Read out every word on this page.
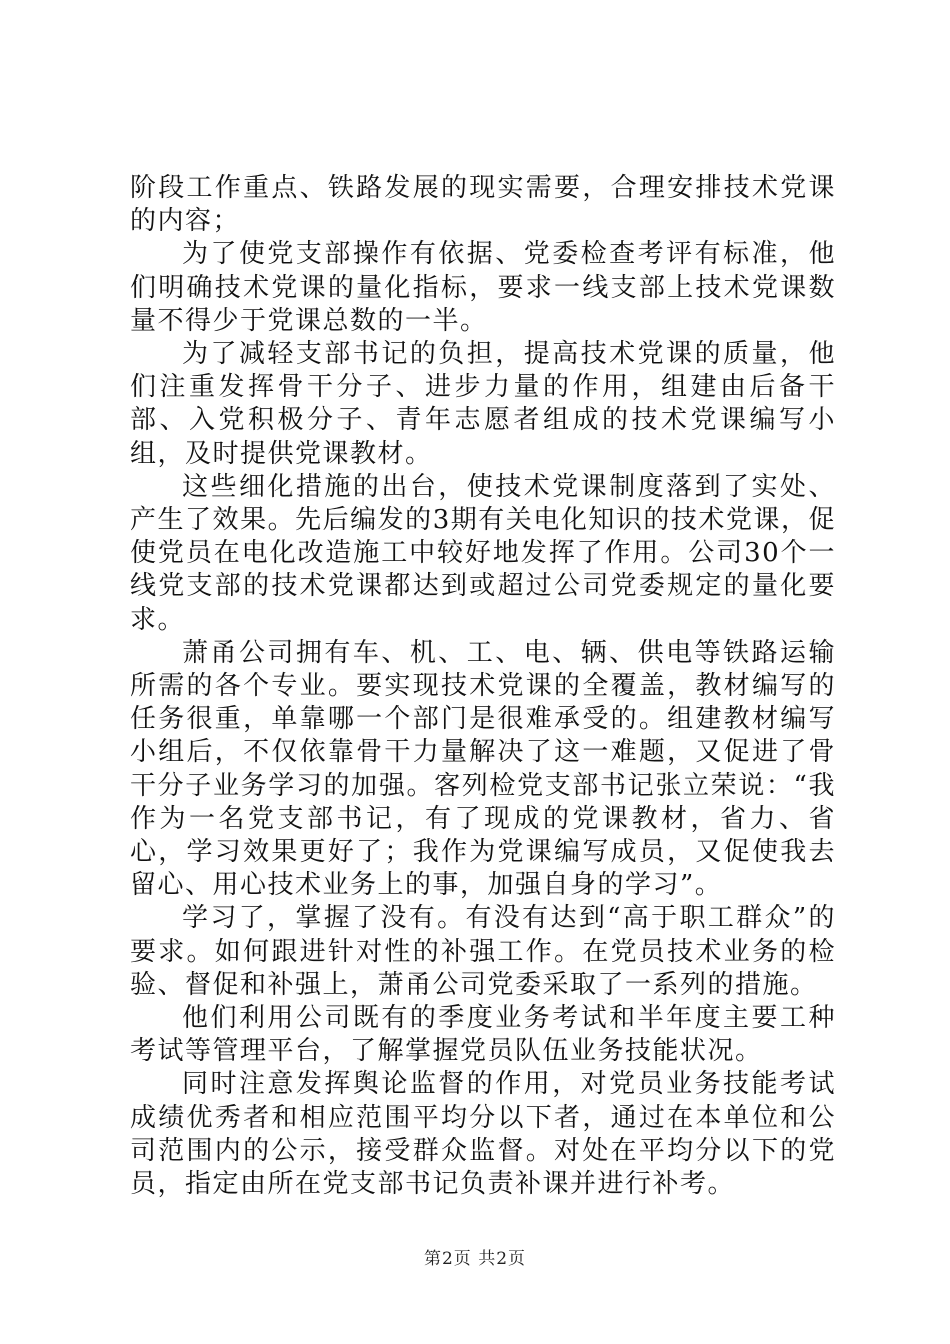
阶段工作重点、铁路发展的现实需要，合理安排技术党课的内容；

为了使党支部操作有依据、党委检查考评有标准，他们明确技术党课的量化指标，要求一线支部上技术党课数量不得少于党课总数的一半。

为了减轻支部书记的负担，提高技术党课的质量，他们注重发挥骨干分子、进步力量的作用，组建由后备干部、入党积极分子、青年志愿者组成的技术党课编写小组，及时提供党课教材。

这些细化措施的出台，使技术党课制度落到了实处、产生了效果。先后编发的3期有关电化知识的技术党课，促使党员在电化改造施工中较好地发挥了作用。公司30个一线党支部的技术党课都达到或超过公司党委规定的量化要求。

萧甬公司拥有车、机、工、电、辆、供电等铁路运输所需的各个专业。要实现技术党课的全覆盖，教材编写的任务很重，单靠哪一个部门是很难承受的。组建教材编写小组后，不仅依靠骨干力量解决了这一难题，又促进了骨干分子业务学习的加强。客列检党支部书记张立荣说：“我作为一名党支部书记，有了现成的党课教材，省力、省心，学习效果更好了；我作为党课编写成员，又促使我去留心、用心技术业务上的事，加强自身的学习”。

学习了，掌握了没有。有没有达到“高于职工群众”的要求。如何跟进针对性的补强工作。在党员技术业务的检验、督促和补强上，萧甬公司党委采取了一系列的措施。

他们利用公司既有的季度业务考试和半年度主要工种考试等管理平台，了解掌握党员队伍业务技能状况。

同时注意发挥舆论监督的作用，对党员业务技能考试成绩优秀者和相应范围平均分以下者，通过在本单位和公司范围内的公示，接受群众监督。对处在平均分以下的党员，指定由所在党支部书记负责补课并进行补考。

第2页 共2页
